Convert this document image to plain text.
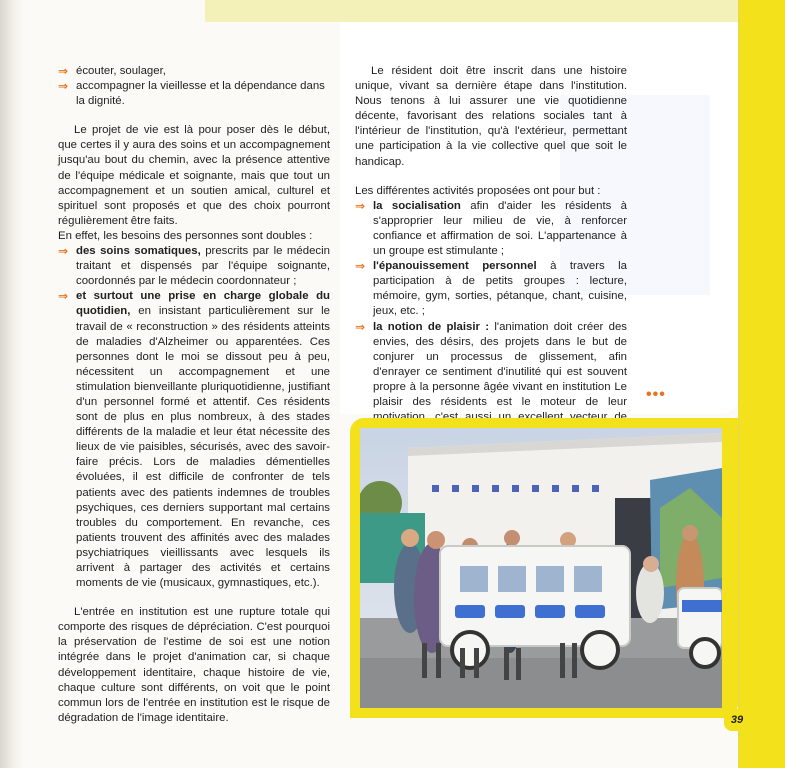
⇒ écouter, soulager,

⇒ accompagner la vieillesse et la dépendance dans la dignité.

Le projet de vie est là pour poser dès le début, que certes il y aura des soins et un accompagnement jusqu'au bout du chemin, avec la présence attentive de l'équipe médicale et soignante, mais que tout un accompagnement et un soutien amical, culturel et spirituel sont proposés et que des choix pourront régulièrement être faits.

En effet, les besoins des personnes sont doubles :

⇒ des soins somatiques, prescrits par le médecin traitant et dispensés par l'équipe soignante, coordonnés par le médecin coordonnateur ;

⇒ et surtout une prise en charge globale du quotidien, en insistant particulièrement sur le travail de « reconstruction » des résidents atteints de maladies d'Alzheimer ou apparentées. Ces personnes dont le moi se dissout peu à peu, nécessitent un accompagnement et une stimulation bienveillante pluriquotidienne, justifiant d'un personnel formé et attentif. Ces résidents sont de plus en plus nombreux, à des stades différents de la maladie et leur état nécessite des lieux de vie paisibles, sécurisés, avec des savoir-faire précis. Lors de maladies démentielles évoluées, il est difficile de confronter de tels patients avec des patients indemnes de troubles psychiques, ces derniers supportant mal certains troubles du comportement. En revanche, ces patients trouvent des affinités avec des malades psychiatriques vieillissants avec lesquels ils arrivent à partager des activités et certains moments de vie (musicaux, gymnastiques, etc.).

L'entrée en institution est une rupture totale qui comporte des risques de dépréciation. C'est pourquoi la préservation de l'estime de soi est une notion intégrée dans le projet d'animation car, si chaque développement identitaire, chaque histoire de vie, chaque culture sont différents, on voit que le point commun lors de l'entrée en institution est le risque de dégradation de l'image identitaire.

Le résident doit être inscrit dans une histoire unique, vivant sa dernière étape dans l'institution. Nous tenons à lui assurer une vie quotidienne décente, favorisant des relations sociales tant à l'intérieur de l'institution, qu'à l'extérieur, permettant une participation à la vie collective quel que soit le handicap.

Les différentes activités proposées ont pour but :

⇒ la socialisation afin d'aider les résidents à s'approprier leur milieu de vie, à renforcer confiance et affirmation de soi. L'appartenance à un groupe est stimulante ;

⇒ l'épanouissement personnel à travers la participation à de petits groupes : lecture, mémoire, gym, sorties, pétanque, chant, cuisine, jeux, etc. ;

⇒ la notion de plaisir : l'animation doit créer des envies, des désirs, des projets dans le but de conjurer un processus de glissement, afin d'enrayer ce sentiment d'inutilité qui est souvent propre à la personne âgée vivant en institution Le plaisir des résidents est le moteur de leur •••
39
